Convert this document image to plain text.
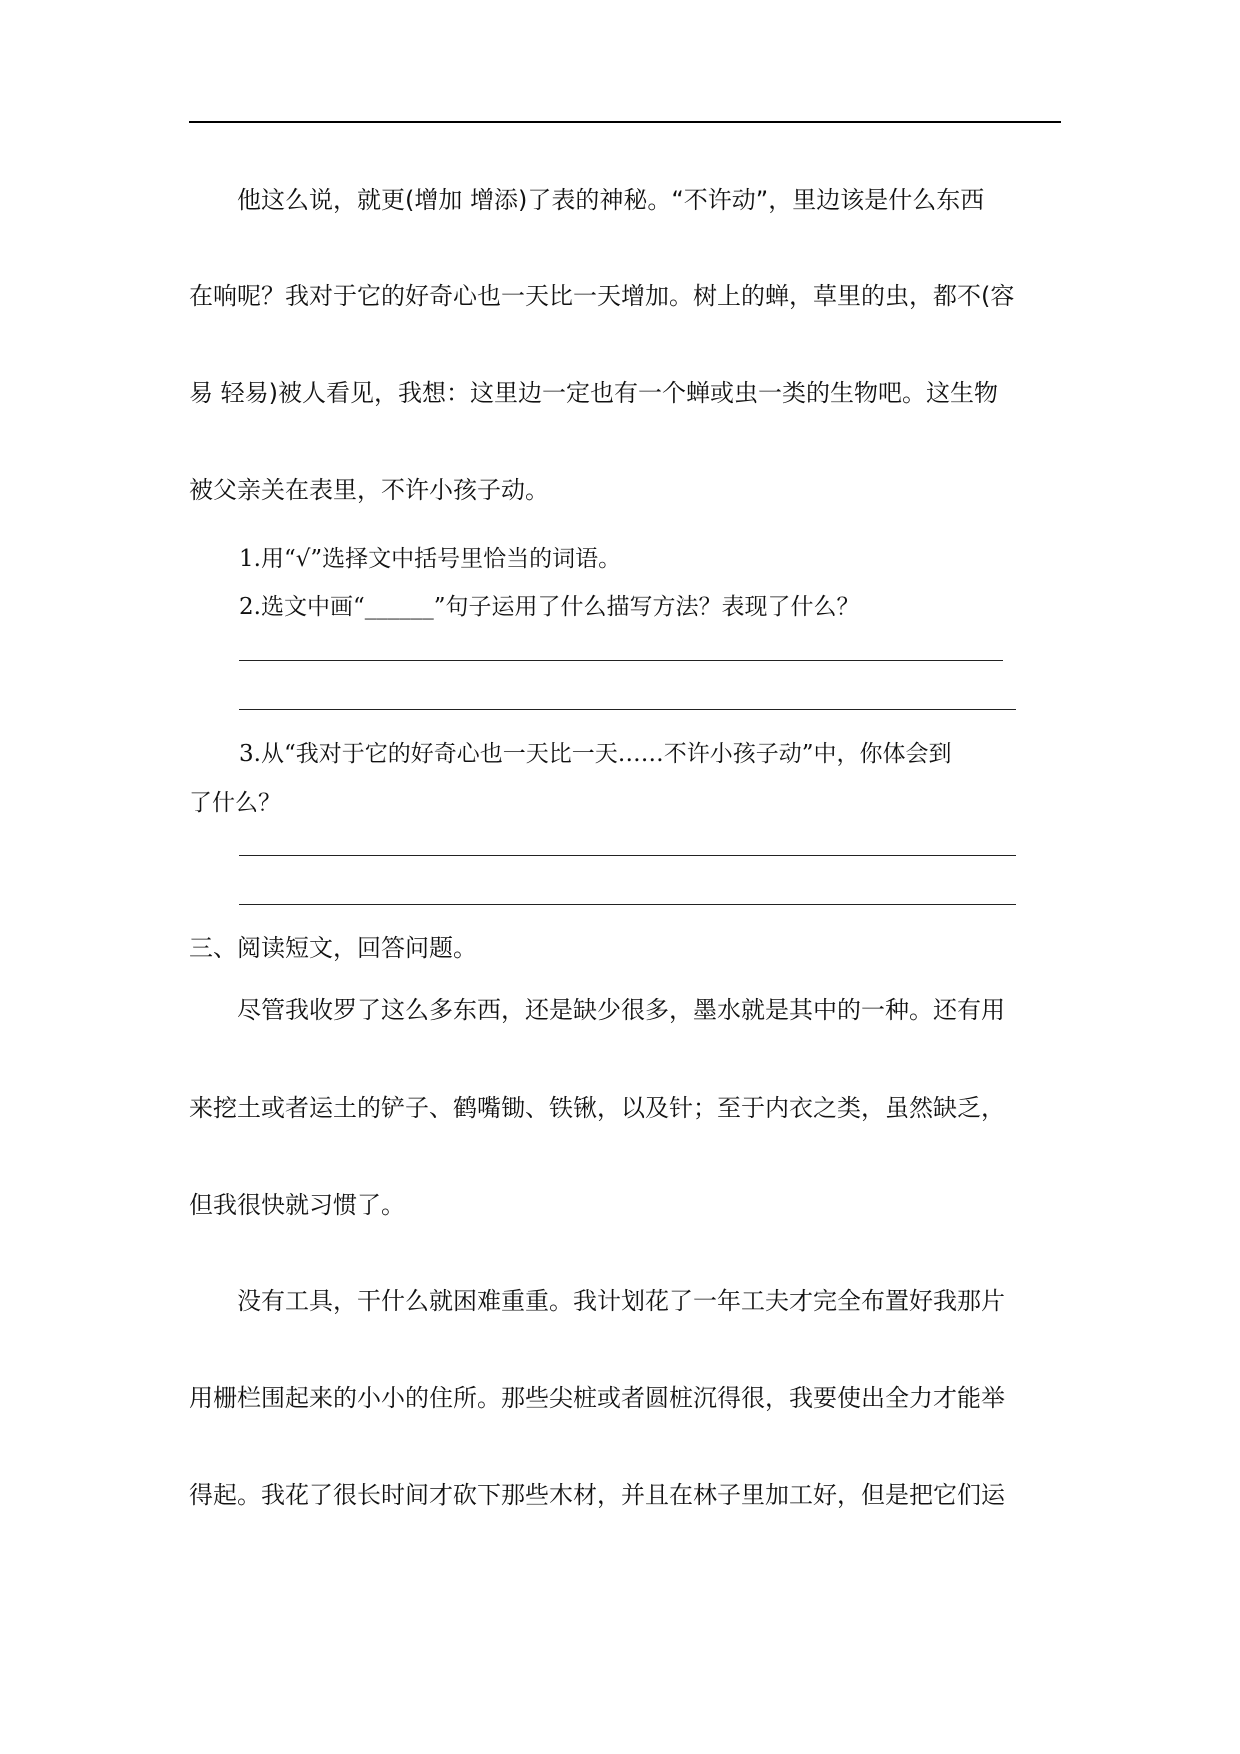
　　他这么说，就更(增加 增添)了表的神秘。“不许动”，里边该是什么东西
在响呢？我对于它的好奇心也一天比一天增加。树上的蝉，草里的虫，都不(容
易 轻易)被人看见，我想：这里边一定也有一个蝉或虫一类的生物吧。这生物
被父亲关在表里，不许小孩子动。
1.用“√”选择文中括号里恰当的词语。
2.选文中画“______”句子运用了什么描写方法？表现了什么？
3.从“我对于它的好奇心也一天比一天……不许小孩子动”中，你体会到
了什么？
三、阅读短文，回答问题。
　　尽管我收罗了这么多东西，还是缺少很多，墨水就是其中的一种。还有用
来挖土或者运土的铲子、鹤嘴锄、铁锹，以及针；至于内衣之类，虽然缺乏，
但我很快就习惯了。
　　没有工具，干什么就困难重重。我计划花了一年工夫才完全布置好我那片
用栅栏围起来的小小的住所。那些尖桩或者圆桩沉得很，我要使出全力才能举
得起。我花了很长时间才砍下那些木材，并且在林子里加工好，但是把它们运
